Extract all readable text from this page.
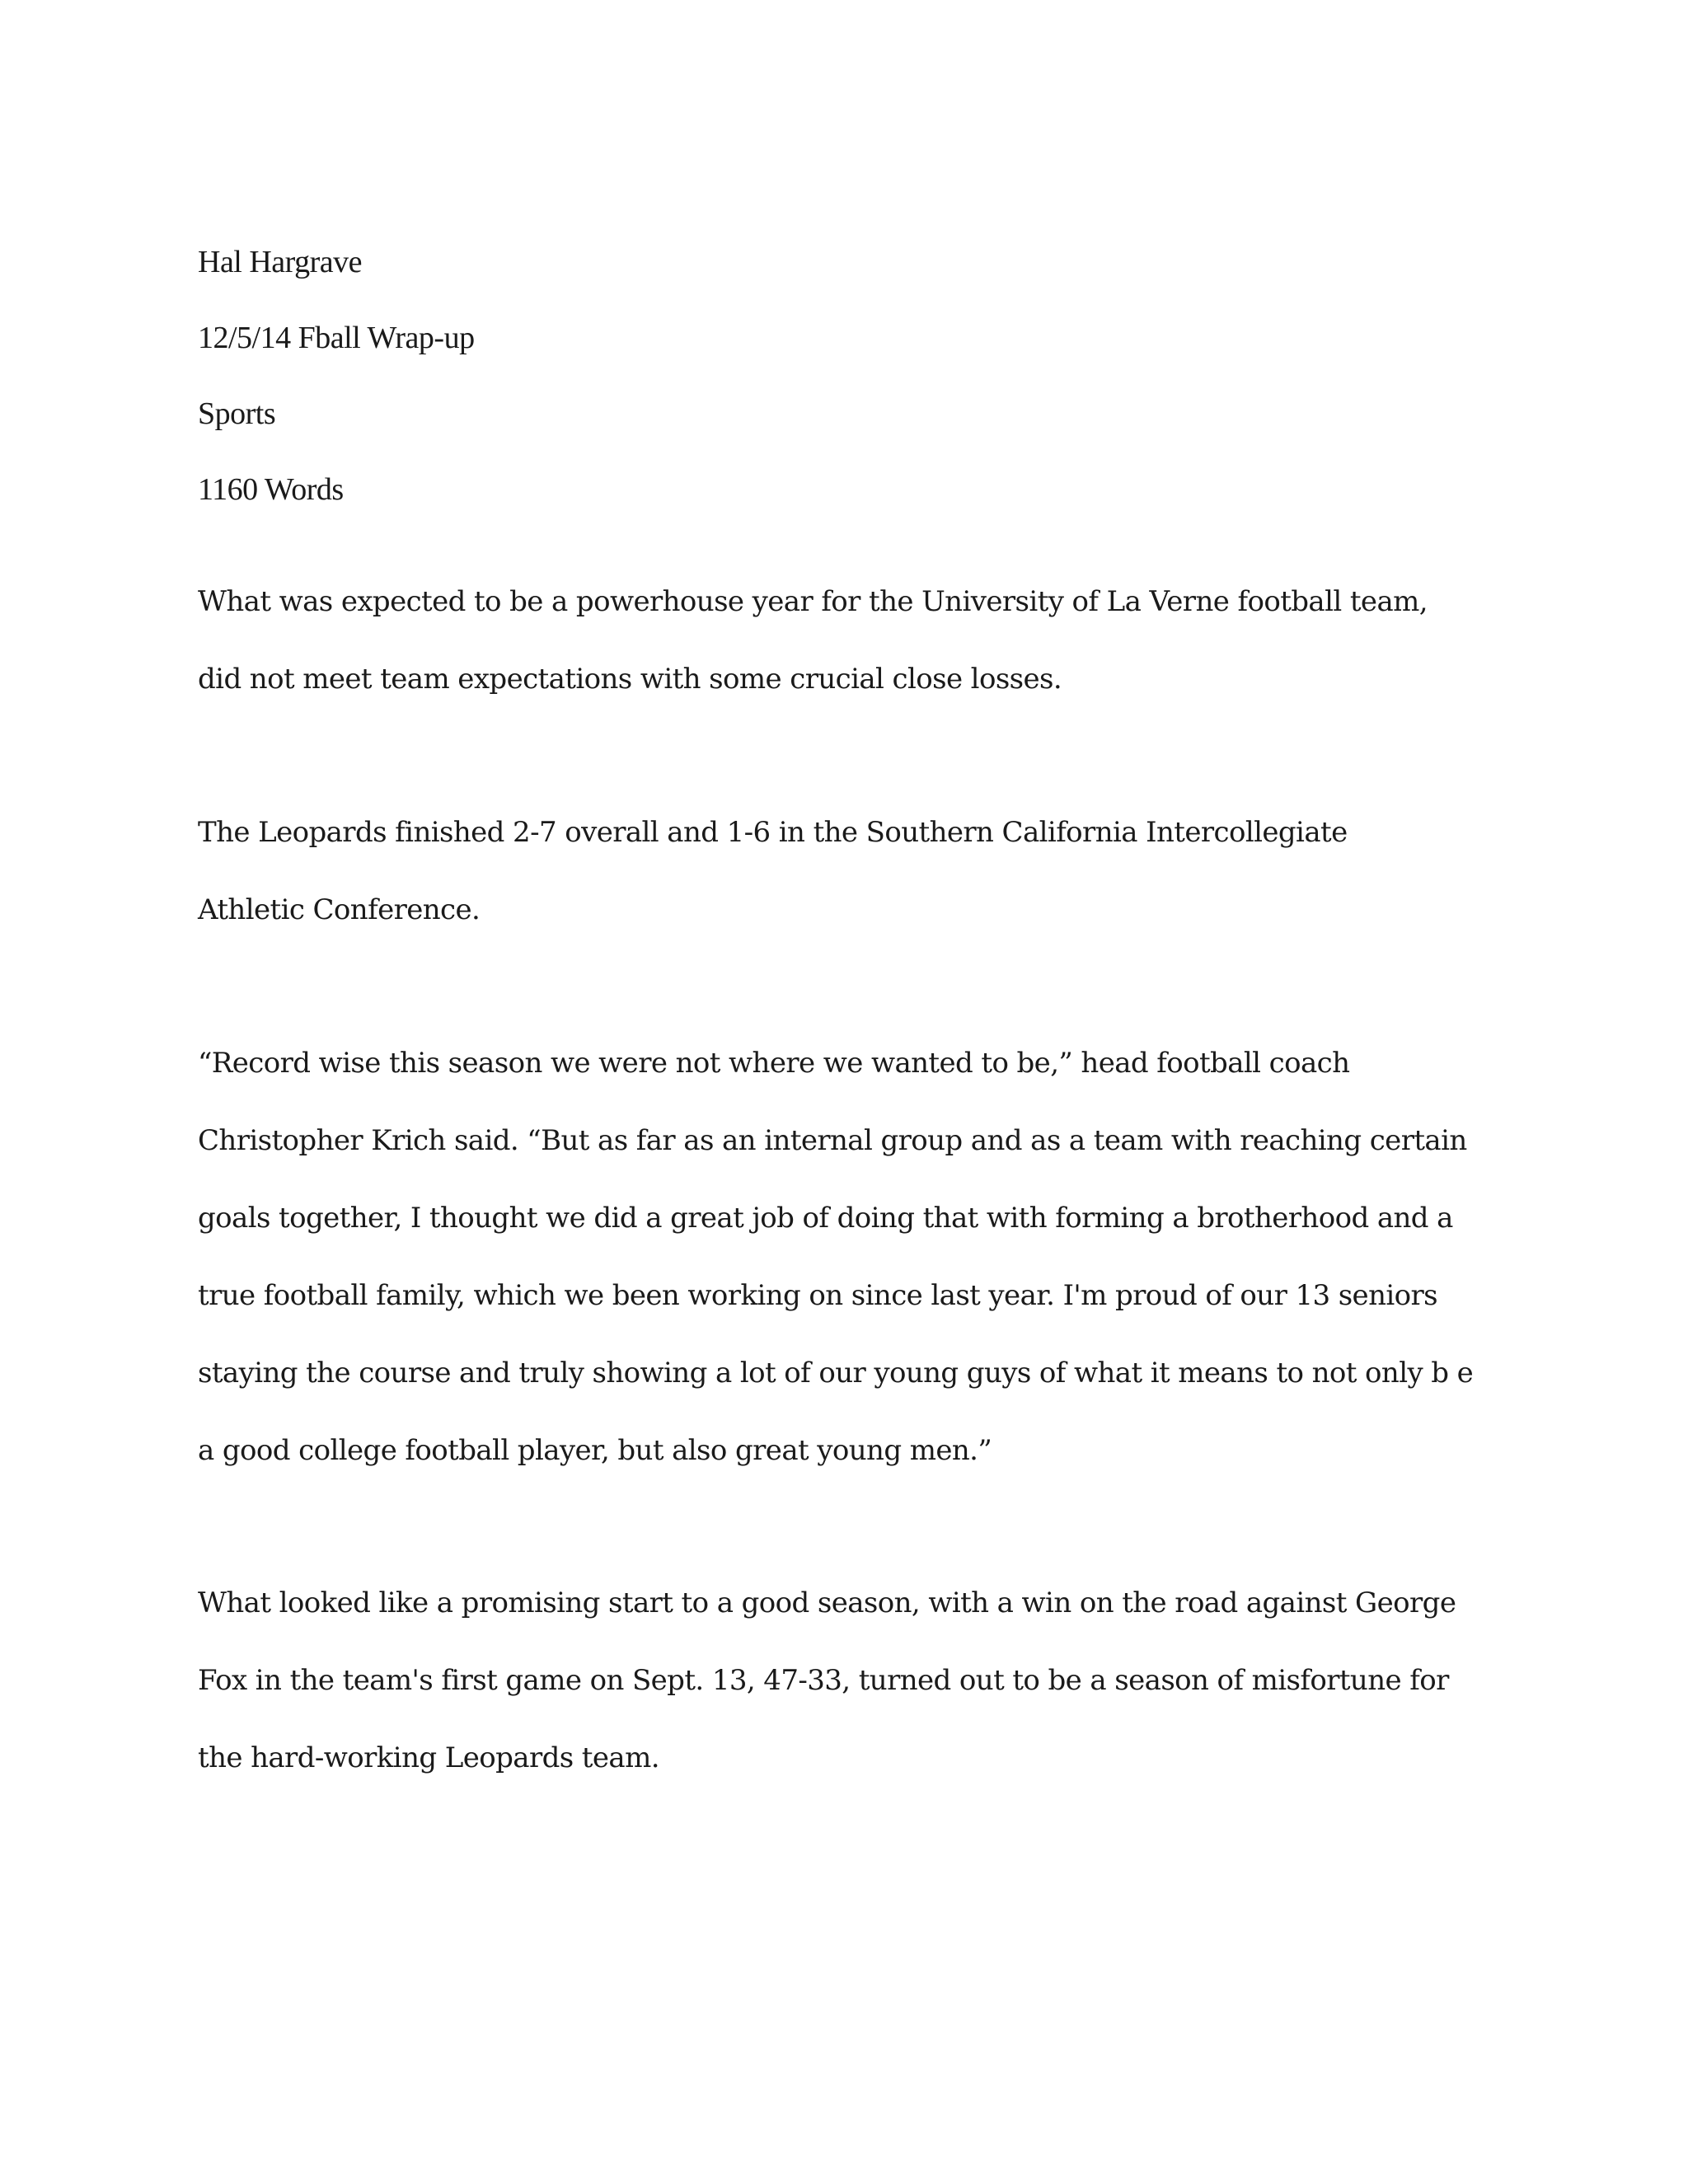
Hal Hargrave
12/5/14 Fball Wrap-up
Sports
1160 Words
What was expected to be a powerhouse year for the University of La Verne football team,
did not meet team expectations with some crucial close losses.
The Leopards finished 2-7 overall and 1-6 in the Southern California Intercollegiate
Athletic Conference.
“Record wise this season we were not where we wanted to be,” head football coach
Christopher Krich said. “But as far as an internal group and as a team with reaching certain
goals together, I thought we did a great job of doing that with forming a brotherhood and a
true football family, which we been working on since last year. I'm proud of our 13 seniors
staying the course and truly showing a lot of our young guys of what it means to not only b e
a good college football player, but also great young men.”
What looked like a promising start to a good season, with a win on the road against George
Fox in the team's first game on Sept. 13, 47-33, turned out to be a season of misfortune for
the hard-working Leopards team.
